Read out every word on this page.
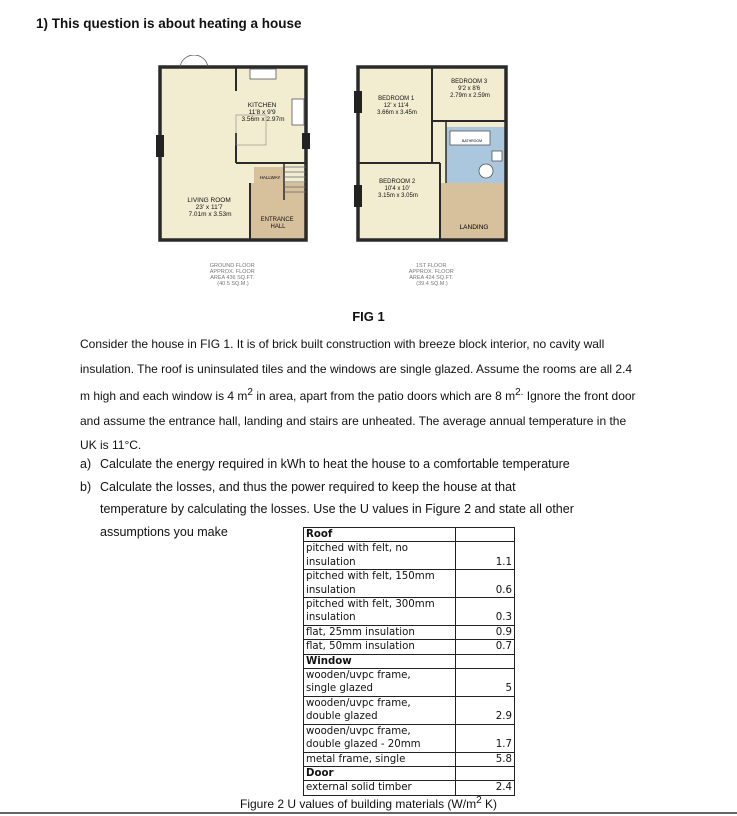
1) This question is about heating a house
KITCHEN 11'8 x 9'9 3.56m x 2.97m
HALLWAY
LIVING ROOM 23' x 11'7 7.01m x 3.53m
ENTRANCE HALL
GROUND FLOOR APPROX. FLOOR AREA 436 SQ.FT. (40.5 SQ.M.)
BEDROOM 1 12' x 11'4 3.66m x 3.45m
BEDROOM 3 9'2 x 8'6 2.79m x 2.59m
BATHROOM
BEDROOM 2 10'4 x 10' 3.15m x 3.05m
LANDING
1ST FLOOR APPROX. FLOOR AREA 424 SQ.FT. (39.4 SQ.M.)
FIG 1
Consider the house in FIG 1. It is of brick built construction with breeze block interior, no cavity wall insulation. The roof is uninsulated tiles and the windows are single glazed. Assume the rooms are all 2.4 m high and each window is 4 $m^2$ in area, apart from the patio doors which are 8 $m^{2.}$ Ignore the front door and assume the entrance hall, landing and stairs are unheated. The average annual temperature in the UK is 11°C.
a) Calculate the energy required in kWh to heat the house to a comfortable temperature
b) Calculate the losses, and thus the power required to keep the house at that
temperature by calculating the losses. Use the U values in Figure 2 and state all other
assumptions you make	Roof	

pitched with felt, no
insulation	1.1

pitched with felt, 150mm
insulation	0.6

pitched with felt, 300mm
insulation	0.3

flat, 25mm insulation	0.9

flat, 50mm insulation	0.7
Window	

wooden/uvpc frame,
single glazed	5

wooden/uvpc frame,
double glazed	2.9

wooden/uvpc frame,
double glazed - 20mm	1.7

metal frame, single	5.8
Door	

external solid timber	2.4
Figure 2 U values of building materials ($W/m^2$ K)
